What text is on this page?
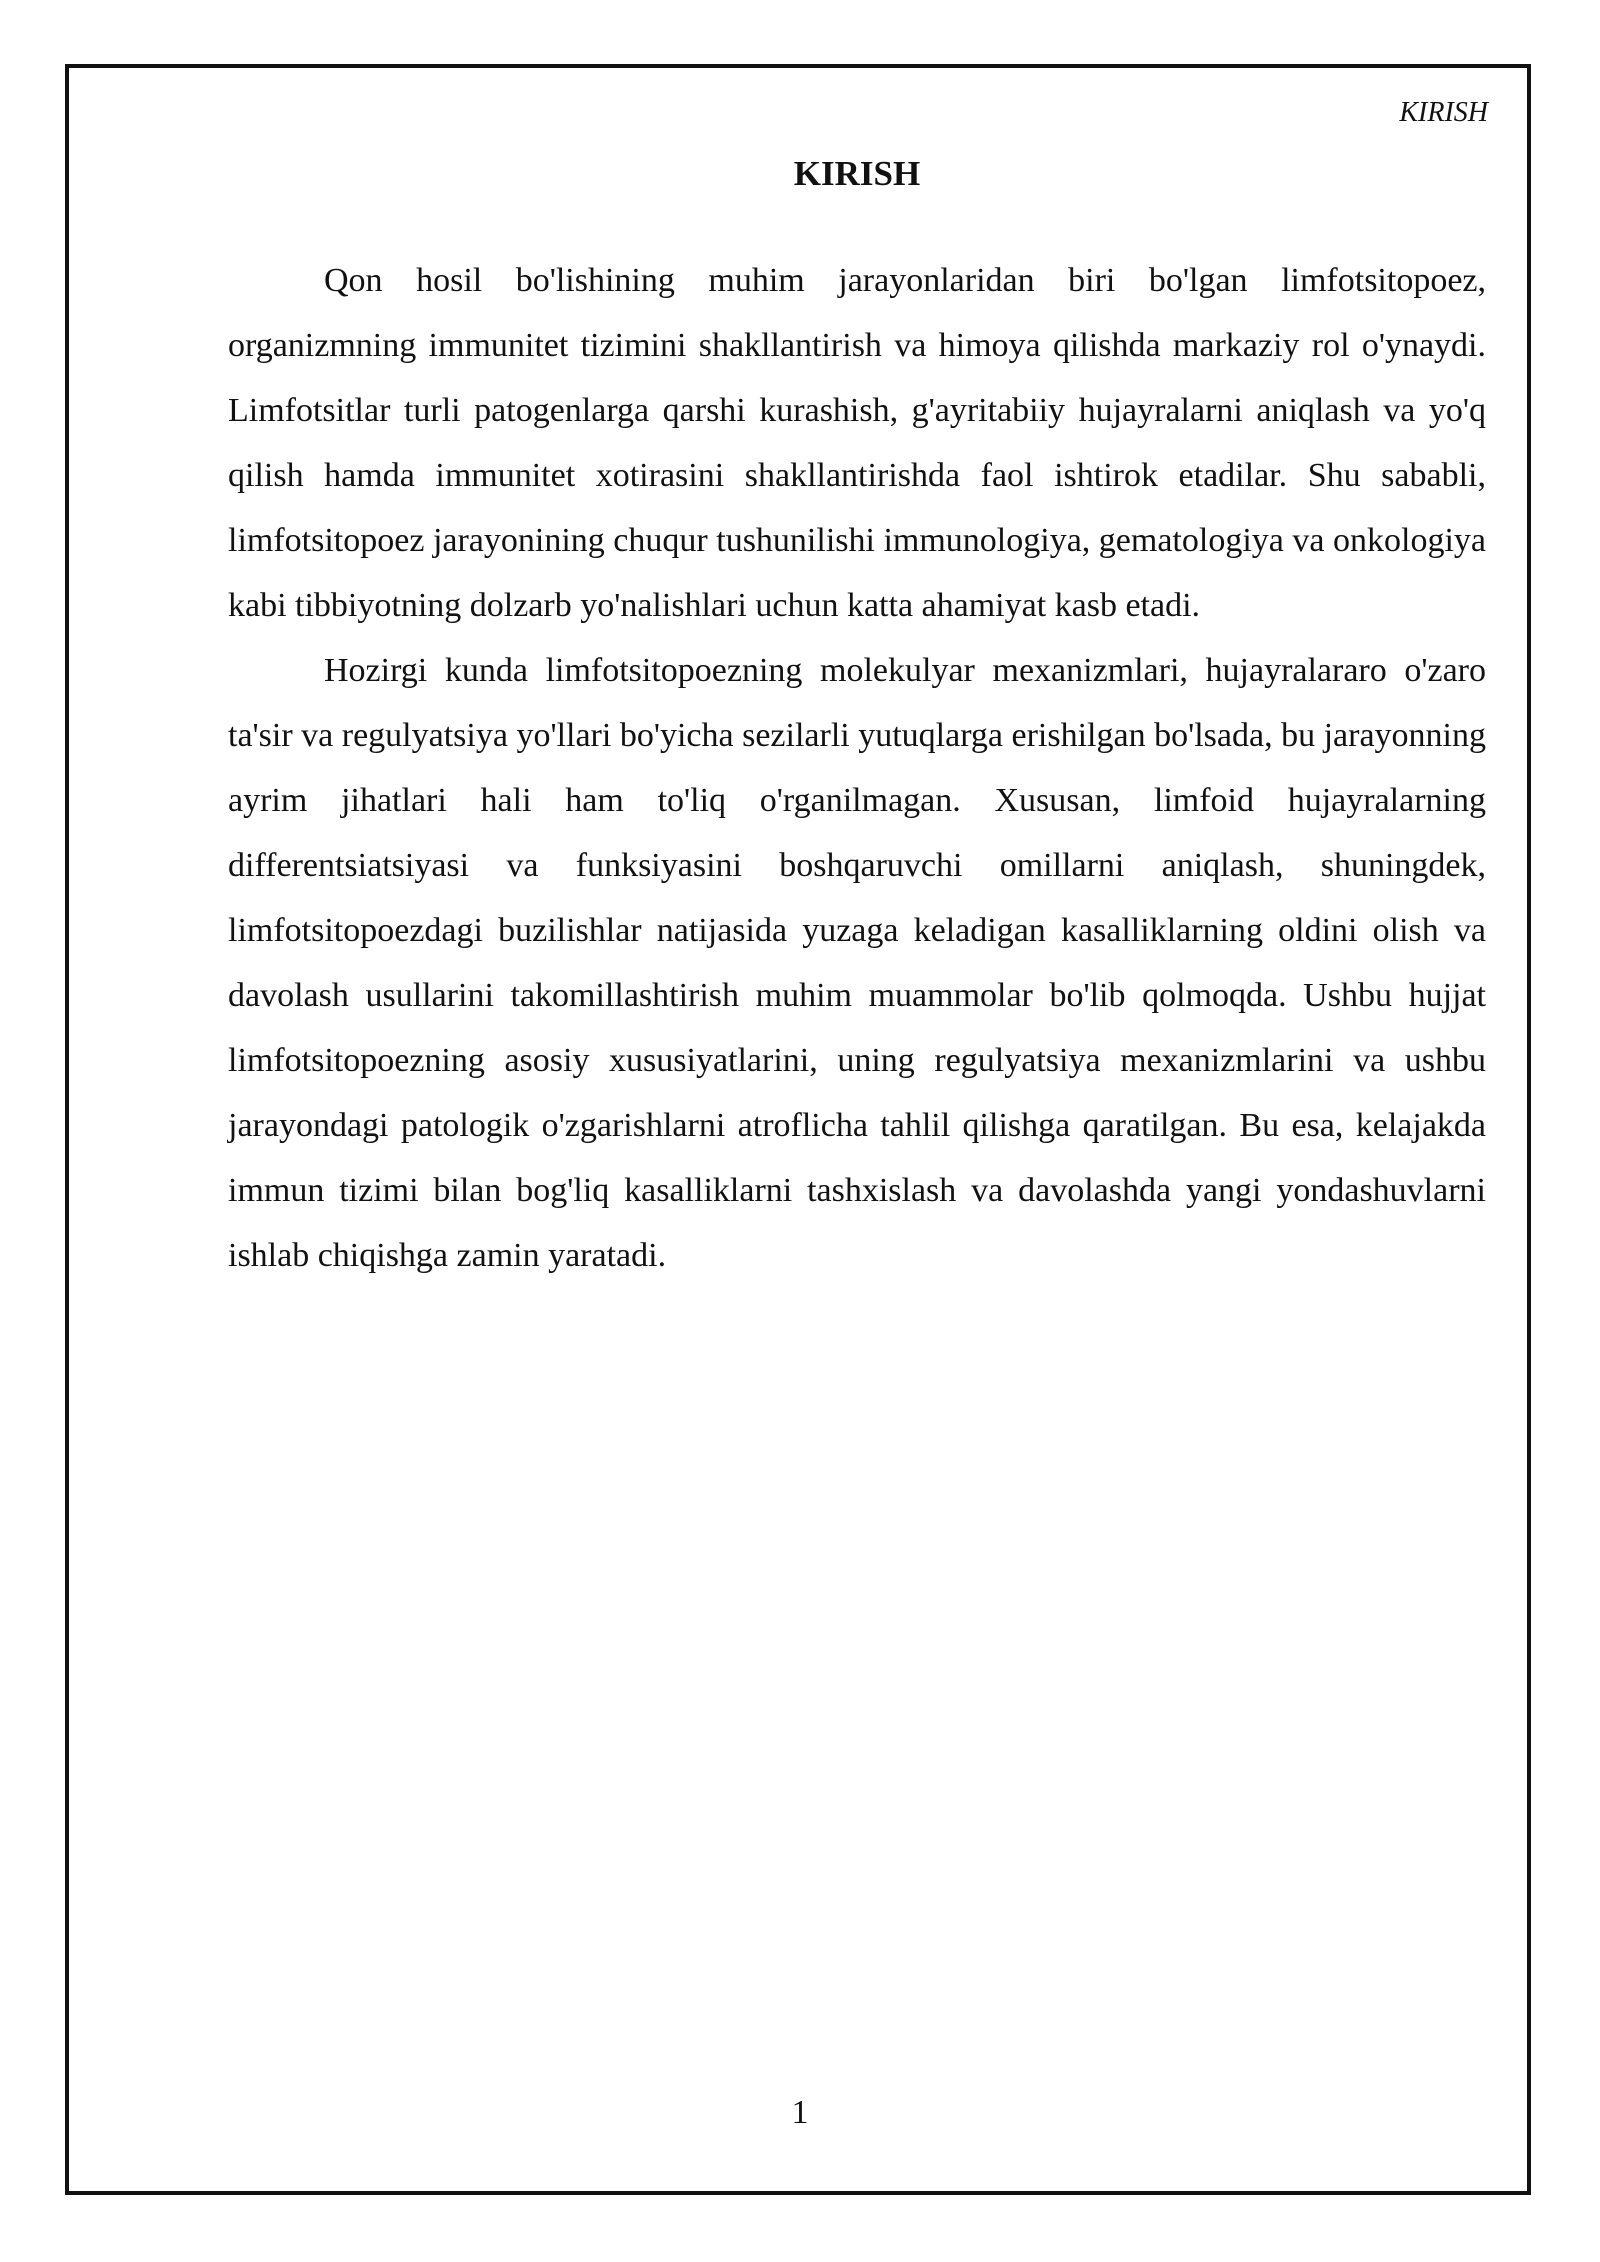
KIRISH
KIRISH

Qon hosil bo'lishining muhim jarayonlaridan biri bo'lgan limfotsitopoez, organizmning immunitet tizimini shakllantirish va himoya qilishda markaziy rol o'ynaydi. Limfotsitlar turli patogenlarga qarshi kurashish, g'ayritabiiy hujayralarni aniqlash va yo'q qilish hamda immunitet xotirasini shakllantirishda faol ishtirok etadilar. Shu sababli, limfotsitopoez jarayonining chuqur tushunilishi immunologiya, gematologiya va onkologiya kabi tibbiyotning dolzarb yo'nalishlari uchun katta ahamiyat kasb etadi.

Hozirgi kunda limfotsitopoezning molekulyar mexanizmlari, hujayralararo o'zaro ta'sir va regulyatsiya yo'llari bo'yicha sezilarli yutuqlarga erishilgan bo'lsada, bu jarayonning ayrim jihatlari hali ham to'liq o'rganilmagan. Xususan, limfoid hujayralarning differentsiatsiyasi va funksiyasini boshqaruvchi omillarni aniqlash, shuningdek, limfotsitopoezdagi buzilishlar natijasida yuzaga keladigan kasalliklarning oldini olish va davolash usullarini takomillashtirish muhim muammolar bo'lib qolmoqda. Ushbu hujjat limfotsitopoezning asosiy xususiyatlarini, uning regulyatsiya mexanizmlarini va ushbu jarayondagi patologik o'zgarishlarni atroflicha tahlil qilishga qaratilgan. Bu esa, kelajakda immun tizimi bilan bog'liq kasalliklarni tashxislash va davolashda yangi yondashuvlarni ishlab chiqishga zamin yaratadi.

1
